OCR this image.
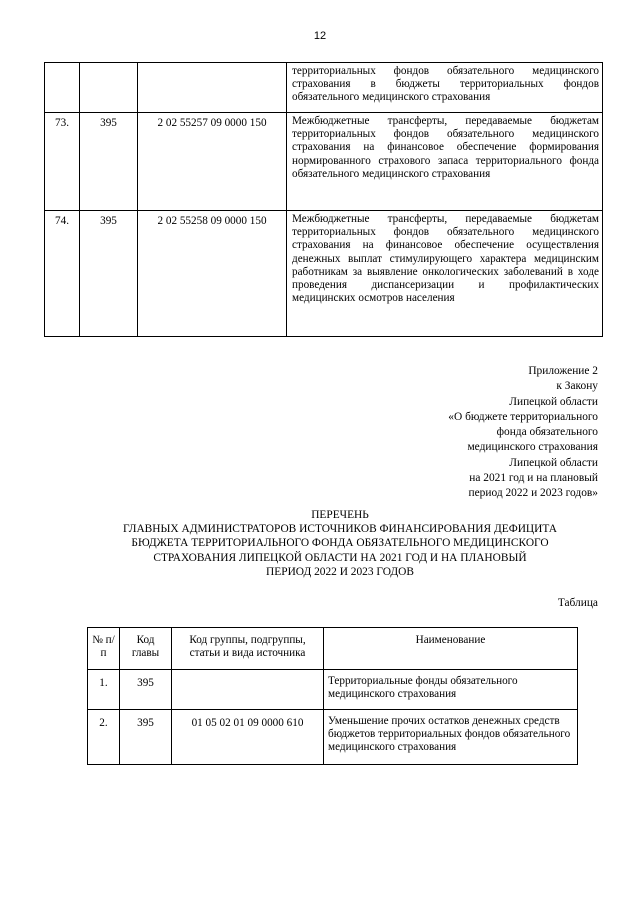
12
			территориальных фондов обязательного медицинского страхования в бюджеты территориальных фондов обязательного медицинского страхования
73.	395	2 02 55257 09 0000 150	Межбюджетные трансферты, передаваемые бюджетам территориальных фондов обязательного медицинского страхования на финансовое обеспечение формирования нормированного страхового запаса территориального фонда обязательного медицинского страхования
74.	395	2 02 55258 09 0000 150	Межбюджетные трансферты, передаваемые бюджетам территориальных фондов обязательного медицинского страхования на финансовое обеспечение осуществления денежных выплат стимулирующего характера медицинским работникам за выявление онкологических заболеваний в ходе проведения диспансеризации и профилактических медицинских осмотров населения
Приложение 2
к Закону
Липецкой области
«О бюджете территориального
фонда обязательного
медицинского страхования
Липецкой области
на 2021 год и на плановый
период 2022 и 2023 годов»
ПЕРЕЧЕНЬ
ГЛАВНЫХ АДМИНИСТРАТОРОВ ИСТОЧНИКОВ ФИНАНСИРОВАНИЯ ДЕФИЦИТА
БЮДЖЕТА ТЕРРИТОРИАЛЬНОГО ФОНДА ОБЯЗАТЕЛЬНОГО МЕДИЦИНСКОГО
СТРАХОВАНИЯ ЛИПЕЦКОЙ ОБЛАСТИ НА 2021 ГОД И НА ПЛАНОВЫЙ
ПЕРИОД 2022 И 2023 ГОДОВ
Таблица
№ п/п	Код главы	Код группы, подгруппы, статьи и вида источника	Наименование
1.	395		Территориальные фонды обязательного медицинского страхования
2.	395	01 05 02 01 09 0000 610	Уменьшение прочих остатков денежных средств бюджетов территориальных фондов обязательного медицинского страхования
